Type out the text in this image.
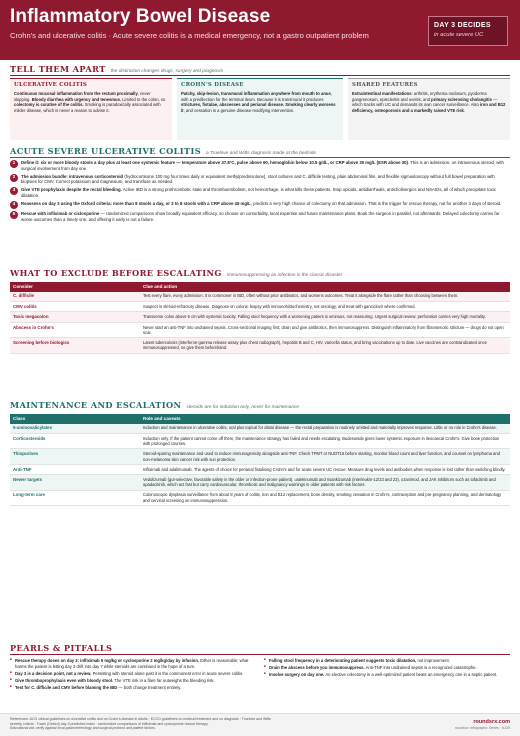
Inflammatory Bowel Disease
Crohn's and ulcerative colitis · Acute severe colitis is a medical emergency, not a gastro outpatient problem
DAY 3 DECIDES
in acute severe UC
TELL THEM APART the distinction changes drugs, surgery and prognosis
ULCERATIVE COLITIS
Continuous mucosal inflammation from the rectum proximally, never skipping. Bloody diarrhea with urgency and tenesmus. Limited to the colon, so colectomy is curative of the colitis. Smoking is paradoxically associated with milder disease, which is never a reason to advise it.
CROHN'S DISEASE
Patchy, skip-lesion, transmural inflammation anywhere from mouth to anus, with a predilection for the terminal ileum. Because it is transmural it produces strictures, fistulae, abscesses and perianal disease. Smoking clearly worsens it, and cessation is a genuine disease-modifying intervention.
SHARED FEATURES
Extraintestinal manifestations: arthritis, erythema nodosum, pyoderma gangrenosum, episcleritis and uveitis, and primary sclerosing cholangitis — which tracks with UC and demands its own cancer surveillance. Also iron and B12 deficiency, osteoporosis and a markedly raised VTE risk.
ACUTE SEVERE ULCERATIVE COLITIS a Truelove and Witts diagnosis made at the bedside
1	Define it: six or more bloody stools a day plus at least one systemic feature — temperature above 37.8°C, pulse above 90, hemoglobin below 10.5 g/dL, or CRP above 30 mg/L (ESR above 30). This is an admission, on intravenous steroid, with surgical involvement from day one.
2	The admission bundle: intravenous corticosteroid (hydrocortisone 100 mg four times daily or equivalent methylprednisolone), stool cultures and C. difficile testing, plain abdominal film, and flexible sigmoidoscopy without full bowel preparation with biopsies for CMV. Correct potassium and magnesium, and transfuse as needed.
3	Give VTE prophylaxis despite the rectal bleeding. Active IBD is a strong prothrombotic state and thromboembolism, not hemorrhage, is what kills these patients. Stop opioids, antidiarrheals, anticholinergics and NSAIDs, all of which precipitate toxic dilatation.
4	Reassess on day 3 using the Oxford criteria: more than 8 stools a day, or 3 to 8 stools with a CRP above 45 mg/L, predicts a very high chance of colectomy on that admission. That is the trigger for rescue therapy, not for another 3 days of steroid.
5	Rescue with infliximab or ciclosporine — randomized comparisons show broadly equivalent efficacy, so choose on comorbidity, local expertise and future maintenance plans. Book the surgeon in parallel, not afterwards. Delayed colectomy carries far worse outcomes than a timely one, and offering it early is not a failure.
WHAT TO EXCLUDE BEFORE ESCALATING immunosuppressing an infection is the classic disaster
Consider	Clue and action
C. difficile	Test every flare, every admission. It is commoner in IBD, often without prior antibiotics, and worsens outcomes. Treat it alongside the flare rather than choosing between them.
CMV colitis	Suspect in steroid-refractory disease. Diagnose on colonic biopsy with immunohistochemistry, not serology, and treat with ganciclovir where confirmed.
Toxic megacolon	Transverse colon above 6 cm with systemic toxicity. Falling stool frequency with a worsening patient is ominous, not reassuring. Urgent surgical review; perforation carries very high mortality.
Abscess in Crohn's	Never start an anti-TNF into undrained sepsis. Cross-sectional imaging first; drain and give antibiotics, then immunosuppress. Distinguish inflammatory from fibrostenotic stricture — drugs do not open scar.
Screening before biologics	Latent tuberculosis (interferon-gamma release assay plus chest radiograph), hepatitis B and C, HIV, varicella status, and bring vaccinations up to date. Live vaccines are contraindicated once immunosuppressed, so give them beforehand.
MAINTENANCE AND ESCALATION steroids are for induction only, never for maintenance
Class	Role and caveats
5-aminosalicylates	Induction and maintenance in ulcerative colitis, oral plus topical for distal disease — the rectal preparation is routinely omitted and materially improves response. Little or no role in Crohn's disease.
Corticosteroids	Induction only. If the patient cannot come off them, the maintenance strategy has failed and needs escalating. Budesonide gives lower systemic exposure in ileocaecal Crohn's. Give bone protection with prolonged courses.
Thiopurines	Steroid-sparing maintenance and used to reduce immunogenicity alongside anti-TNF. Check TPMT or NUDT15 before starting, monitor blood count and liver function, and counsel on lymphoma and non-melanoma skin cancer risk with sun protection.
Anti-TNF	Infliximab and adalimumab. The agents of choice for perianal fistulising Crohn's and for acute severe UC rescue. Measure drug levels and antibodies when response is lost rather than switching blindly.
Newer targets	Vedolizumab (gut-selective, favorable safety in the older or infection-prone patient), ustekinumab and risankizumab (interleukin-12/23 and 23), ozanimod, and JAK inhibitors such as tofacitinib and upadacitinib, which act fast but carry cardiovascular, thrombotic and malignancy warnings in older patients with risk factors.
Long-term care	Colonoscopic dysplasia surveillance from about 8 years of colitis, iron and B12 replacement, bone density, smoking cessation in Crohn's, contraception and pre-pregnancy planning, and dermatology and cervical screening on immunosuppression.
PEARLS & PITFALLS
■ Rescue therapy doses on day 3: infliximab 5 mg/kg or cyclosporine 2 mg/kg/day by infusion. Either is reasonable; what harms the patient is letting day 3 drift into day 7 while steroids are continued in the hope of a turn.
■ Day 3 is a decision point, not a review. Persisting with steroid alone past it is the commonest error in acute severe colitis.
■ Give thromboprophylaxis even with bloody stool. The VTE risk in a flare far outweighs the bleeding risk.
■ Test for C. difficile and CMV before blaming the IBD — both change treatment entirely.
■ Falling stool frequency in a deteriorating patient suggests toxic dilatation, not improvement.
■ Drain the abscess before you immunosuppress. Anti-TNF into undrained sepsis is a recognized catastrophe.
■ Involve surgery on day one. An elective colectomy in a well-optimized patient beats an emergency one in a septic patient.
References: ACG clinical guidelines on ulcerative colitis and on Crohn's disease in adults · ECCO guidelines on medical treatment and on diagnosis · Truelove and Witts
severity criteria · Travis (Oxford) day-3 predictive index · randomized comparisons of infliximab and cyclosporine rescue therapy.
Educational aid; verify against local gastroenterology and surgical protocol and patient factors.
roundsrx.com
roundsrx Infographic Series · #129
